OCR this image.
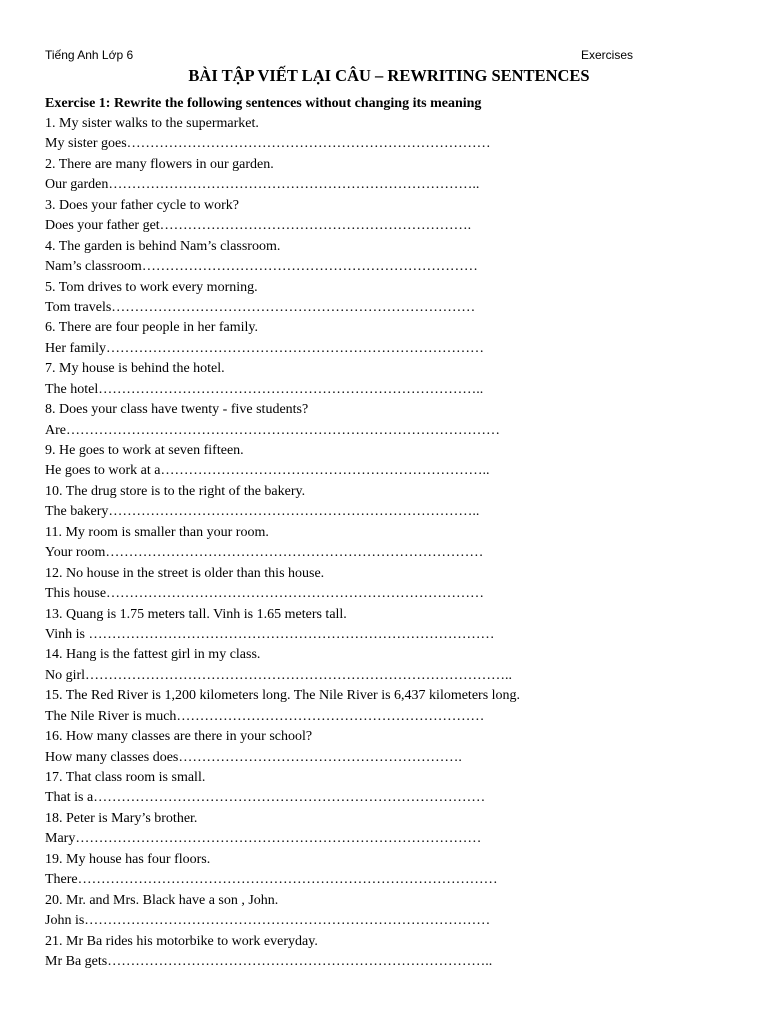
Tiếng Anh Lớp 6	Exercises
BÀI TẬP VIẾT LẠI CÂU – REWRITING SENTENCES
Exercise 1: Rewrite the following sentences without changing its meaning
1. My sister walks to the supermarket.
My sister goes……………………………………………………………………
2. There are many flowers in our garden.
Our garden……………………………………………………………………..
3. Does your father cycle to work?
Does your father get………………………………………………………….
4. The garden is behind Nam’s classroom.
Nam’s classroom………………………………………………………………
5. Tom drives to work every morning.
Tom travels……………………………………………………………………
6. There are four people in her family.
Her family………………………………………………………………………
7. My house is behind the hotel.
The hotel………………………………………………………………………..
8. Does your class have twenty - five students?
Are…………………………………………………………………………………
9. He goes to work at seven fifteen.
He goes to work at a……………………………………………………………..
10. The drug store is to the right of the bakery.
The bakery……………………………………………………………………..
11. My room is smaller than your room.
Your room………………………………………………………………………
12. No house in the street is older than this house.
This house………………………………………………………………………
13. Quang is 1.75 meters tall. Vinh is 1.65 meters tall.
Vinh is ……………………………………………………………………………
14. Hang is the fattest girl in my class.
No girl………………………………………………………………………………..
15. The Red River is 1,200 kilometers long. The Nile River is 6,437 kilometers long.
The Nile River is much…………………………………………………………
16. How many classes are there in your school?
How many classes does…………………………………………………….
17. That class room is small.
That is a…………………………………………………………………………
18. Peter is Mary’s brother.
Mary……………………………………………………………………………
19. My house has four floors.
There………………………………………………………………………………
20. Mr. and Mrs. Black have a son , John.
John is……………………………………………………………………………
21. Mr Ba rides his motorbike to work everyday.
Mr Ba gets………………………………………………………………………..
